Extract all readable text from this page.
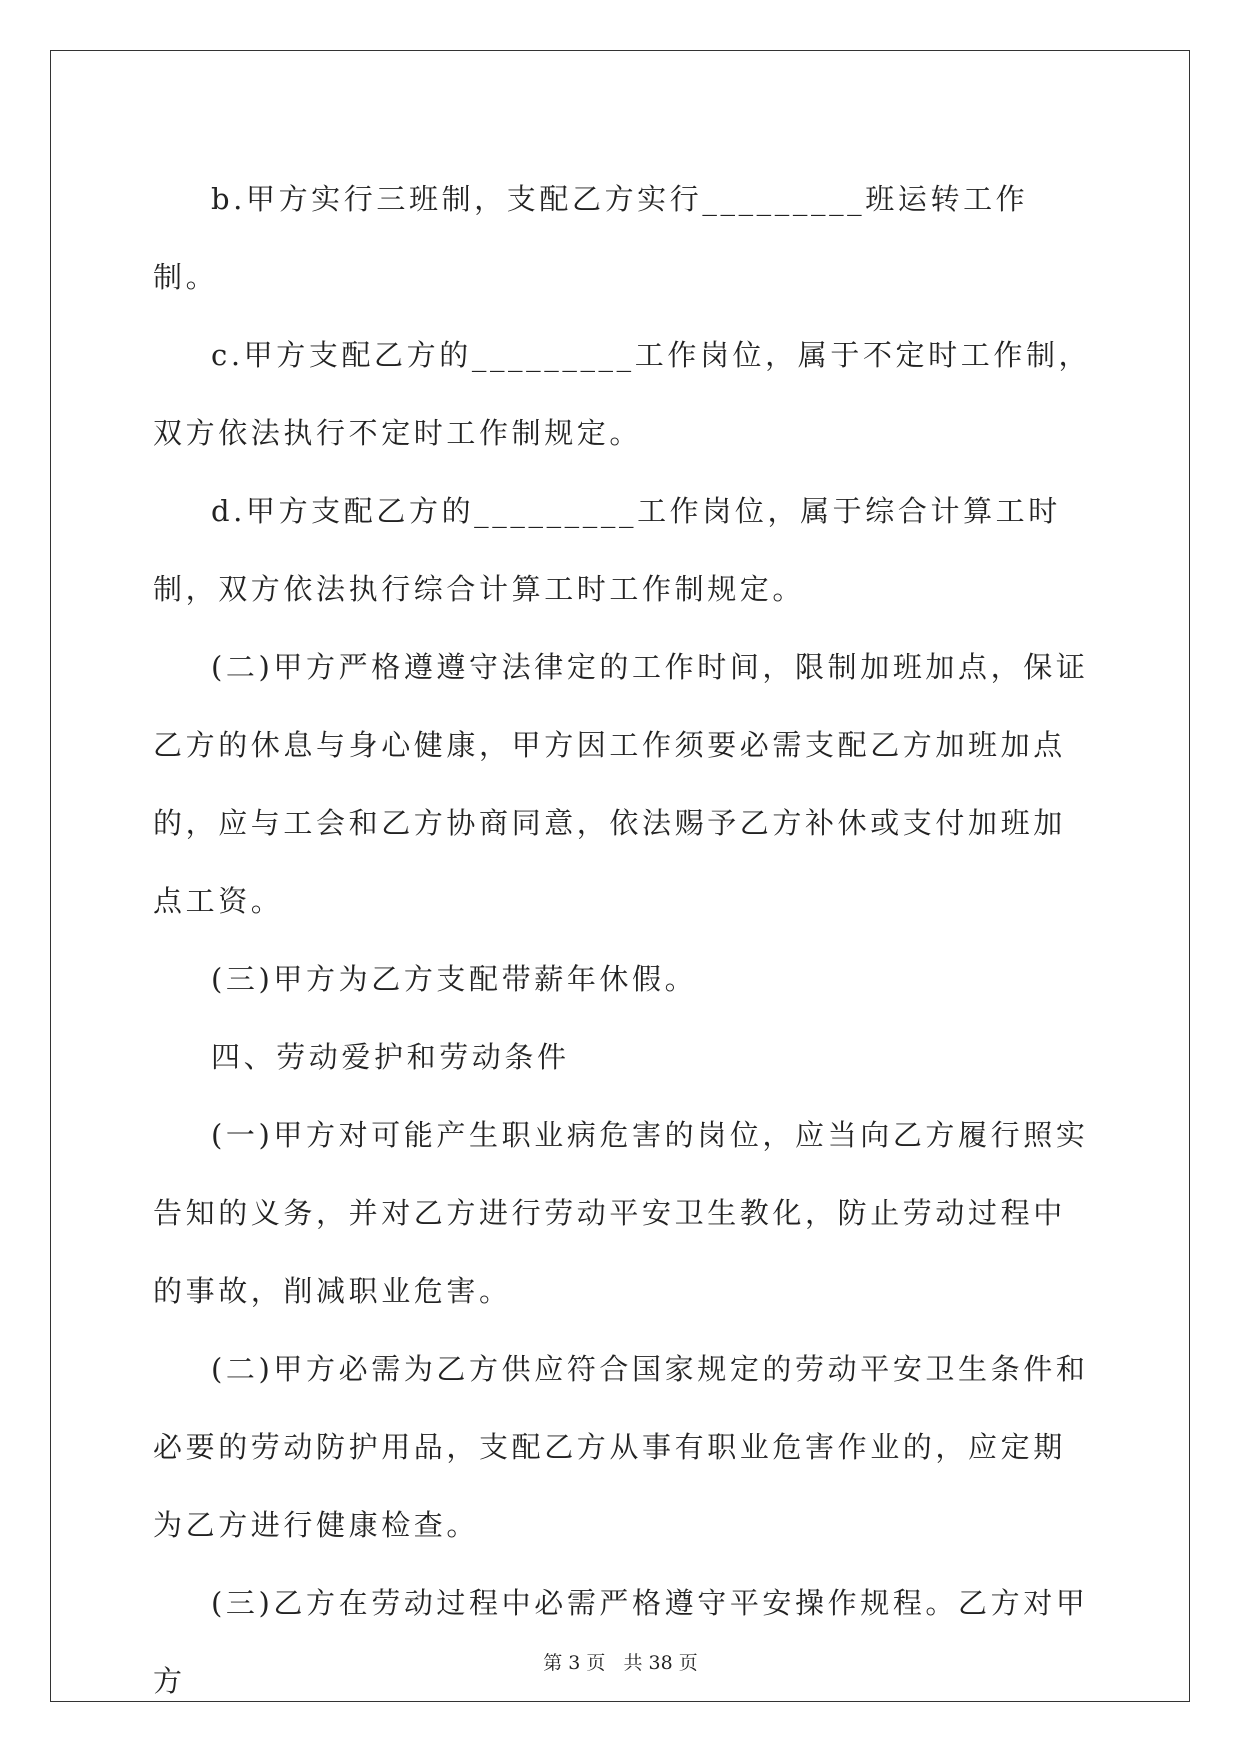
b.甲方实行三班制，支配乙方实行_________班运转工作制。

c.甲方支配乙方的_________工作岗位，属于不定时工作制，双方依法执行不定时工作制规定。

d.甲方支配乙方的_________工作岗位，属于综合计算工时制，双方依法执行综合计算工时工作制规定。

(二)甲方严格遵遵守法律定的工作时间，限制加班加点，保证乙方的休息与身心健康，甲方因工作须要必需支配乙方加班加点的，应与工会和乙方协商同意，依法赐予乙方补休或支付加班加点工资。

(三)甲方为乙方支配带薪年休假。

四、劳动爱护和劳动条件

(一)甲方对可能产生职业病危害的岗位，应当向乙方履行照实告知的义务，并对乙方进行劳动平安卫生教化，防止劳动过程中的事故，削减职业危害。

(二)甲方必需为乙方供应符合国家规定的劳动平安卫生条件和必要的劳动防护用品，支配乙方从事有职业危害作业的，应定期为乙方进行健康检查。

(三)乙方在劳动过程中必需严格遵守平安操作规程。乙方对甲方

第 3 页   共 38 页
